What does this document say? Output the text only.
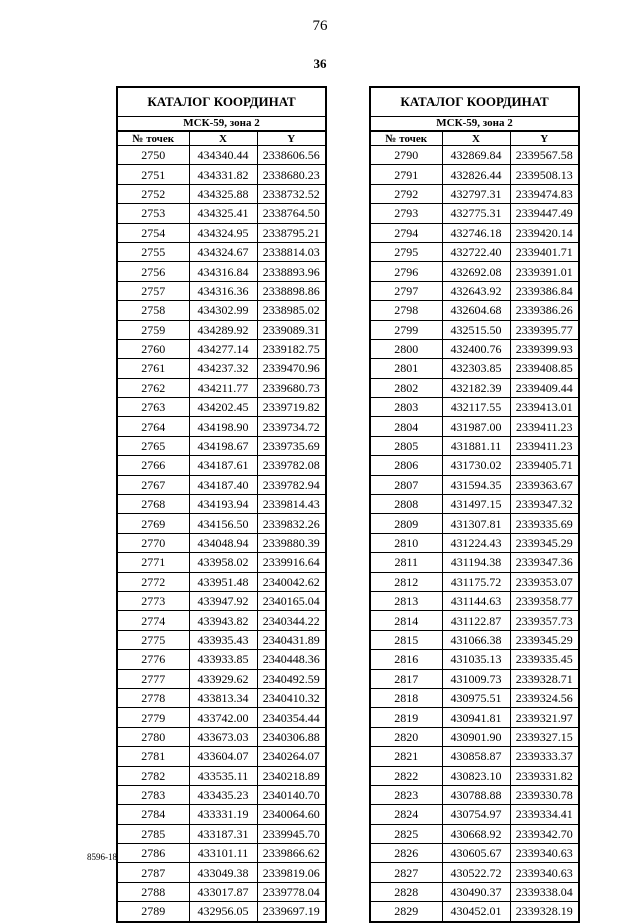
76
36
КАТАЛОГ КООРДИНАТ
МСК-59, зона 2
№ точек	X	Y
2750	434340.44	2338606.56
2751	434331.82	2338680.23
2752	434325.88	2338732.52
2753	434325.41	2338764.50
2754	434324.95	2338795.21
2755	434324.67	2338814.03
2756	434316.84	2338893.96
2757	434316.36	2338898.86
2758	434302.99	2338985.02
2759	434289.92	2339089.31
2760	434277.14	2339182.75
2761	434237.32	2339470.96
2762	434211.77	2339680.73
2763	434202.45	2339719.82
2764	434198.90	2339734.72
2765	434198.67	2339735.69
2766	434187.61	2339782.08
2767	434187.40	2339782.94
2768	434193.94	2339814.43
2769	434156.50	2339832.26
2770	434048.94	2339880.39
2771	433958.02	2339916.64
2772	433951.48	2340042.62
2773	433947.92	2340165.04
2774	433943.82	2340344.22
2775	433935.43	2340431.89
2776	433933.85	2340448.36
2777	433929.62	2340492.59
2778	433813.34	2340410.32
2779	433742.00	2340354.44
2780	433673.03	2340306.88
2781	433604.07	2340264.07
2782	433535.11	2340218.89
2783	433435.23	2340140.70
2784	433331.19	2340064.60
2785	433187.31	2339945.70
2786	433101.11	2339866.62
2787	433049.38	2339819.06
2788	433017.87	2339778.04
2789	432956.05	2339697.19
КАТАЛОГ КООРДИНАТ
МСК-59, зона 2
№ точек	X	Y
2790	432869.84	2339567.58
2791	432826.44	2339508.13
2792	432797.31	2339474.83
2793	432775.31	2339447.49
2794	432746.18	2339420.14
2795	432722.40	2339401.71
2796	432692.08	2339391.01
2797	432643.92	2339386.84
2798	432604.68	2339386.26
2799	432515.50	2339395.77
2800	432400.76	2339399.93
2801	432303.85	2339408.85
2802	432182.39	2339409.44
2803	432117.55	2339413.01
2804	431987.00	2339411.23
2805	431881.11	2339411.23
2806	431730.02	2339405.71
2807	431594.35	2339363.67
2808	431497.15	2339347.32
2809	431307.81	2339335.69
2810	431224.43	2339345.29
2811	431194.38	2339347.36
2812	431175.72	2339353.07
2813	431144.63	2339358.77
2814	431122.87	2339357.73
2815	431066.38	2339345.29
2816	431035.13	2339335.45
2817	431009.73	2339328.71
2818	430975.51	2339324.56
2819	430941.81	2339321.97
2820	430901.90	2339327.15
2821	430858.87	2339333.37
2822	430823.10	2339331.82
2823	430788.88	2339330.78
2824	430754.97	2339334.41
2825	430668.92	2339342.70
2826	430605.67	2339340.63
2827	430522.72	2339340.63
2828	430490.37	2339338.04
2829	430452.01	2339328.19
8596-18
